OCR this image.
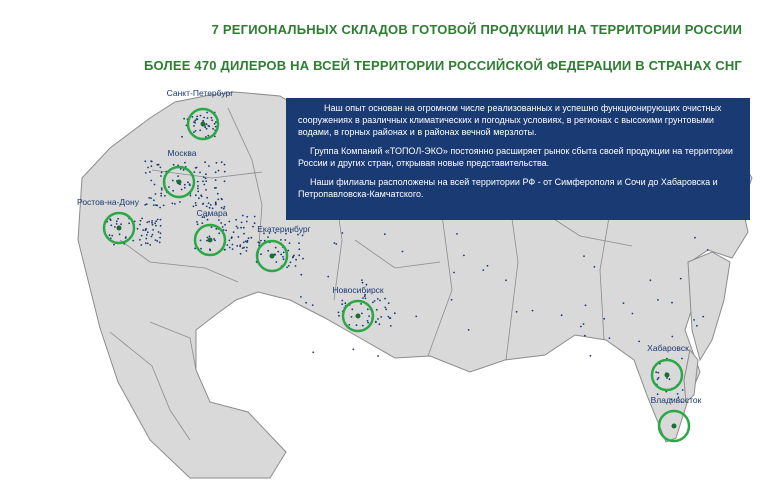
7 РЕГИОНАЛЬНЫХ СКЛАДОВ ГОТОВОЙ ПРОДУКЦИИ НА ТЕРРИТОРИИ РОССИИ
БОЛЕЕ 470 ДИЛЕРОВ НА ВСЕЙ ТЕРРИТОРИИ РОССИЙСКОЙ ФЕДЕРАЦИИ В СТРАНАХ СНГ
Санкт-Петербург
Москва
Ростов-на-Дону
Самара
Екатеринбург
Новосибирск
Хабаровск
Владивосток

Наш опыт основан на огромном числе реализованных и успешно функционирующих очистных сооружениях в различных климатических и погодных условиях, в регионах с высокими грунтовыми водами, в горных районах и в районах вечной мерзлоты.

Группа Компаний «ТОПОЛ-ЭКО» постоянно расширяет рынок сбыта своей продукции на территории России и других стран, открывая новые представительства.

Наши филиалы расположены на всей территории РФ - от Симферополя и Сочи до Хабаровска и Петропавловска-Камчатского.
